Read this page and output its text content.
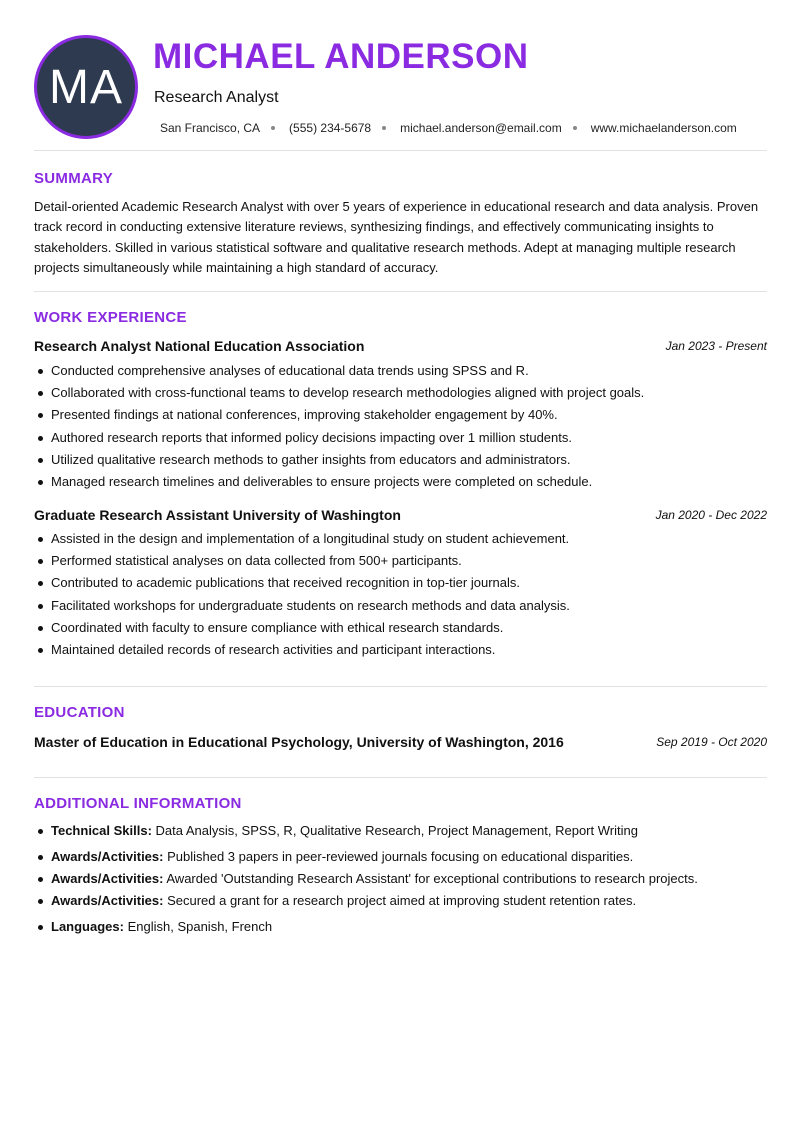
MA
MICHAEL ANDERSON
Research Analyst
San Francisco, CA (555) 234-5678 michael.anderson@email.com www.michaelanderson.com
SUMMARY

Detail-oriented Academic Research Analyst with over 5 years of experience in educational research and data analysis. Proven track record in conducting extensive literature reviews, synthesizing findings, and effectively communicating insights to stakeholders. Skilled in various statistical software and qualitative research methods. Adept at managing multiple research projects simultaneously while maintaining a high standard of accuracy.

WORK EXPERIENCE
Research Analyst National Education Association	Jan 2023 - Present
Conducted comprehensive analyses of educational data trends using SPSS and R.
Collaborated with cross-functional teams to develop research methodologies aligned with project goals.
Presented findings at national conferences, improving stakeholder engagement by 40%.
Authored research reports that informed policy decisions impacting over 1 million students.
Utilized qualitative research methods to gather insights from educators and administrators.
Managed research timelines and deliverables to ensure projects were completed on schedule.
Graduate Research Assistant University of Washington	Jan 2020 - Dec 2022
Assisted in the design and implementation of a longitudinal study on student achievement.
Performed statistical analyses on data collected from 500+ participants.
Contributed to academic publications that received recognition in top-tier journals.
Facilitated workshops for undergraduate students on research methods and data analysis.
Coordinated with faculty to ensure compliance with ethical research standards.
Maintained detailed records of research activities and participant interactions.
EDUCATION
Master of Education in Educational Psychology, University of Washington, 2016	Sep 2019 - Oct 2020
ADDITIONAL INFORMATION
Technical Skills: Data Analysis, SPSS, R, Qualitative Research, Project Management, Report Writing
Awards/Activities: Published 3 papers in peer-reviewed journals focusing on educational disparities.
Awards/Activities: Awarded 'Outstanding Research Assistant' for exceptional contributions to research projects.
Awards/Activities: Secured a grant for a research project aimed at improving student retention rates.
Languages: English, Spanish, French
